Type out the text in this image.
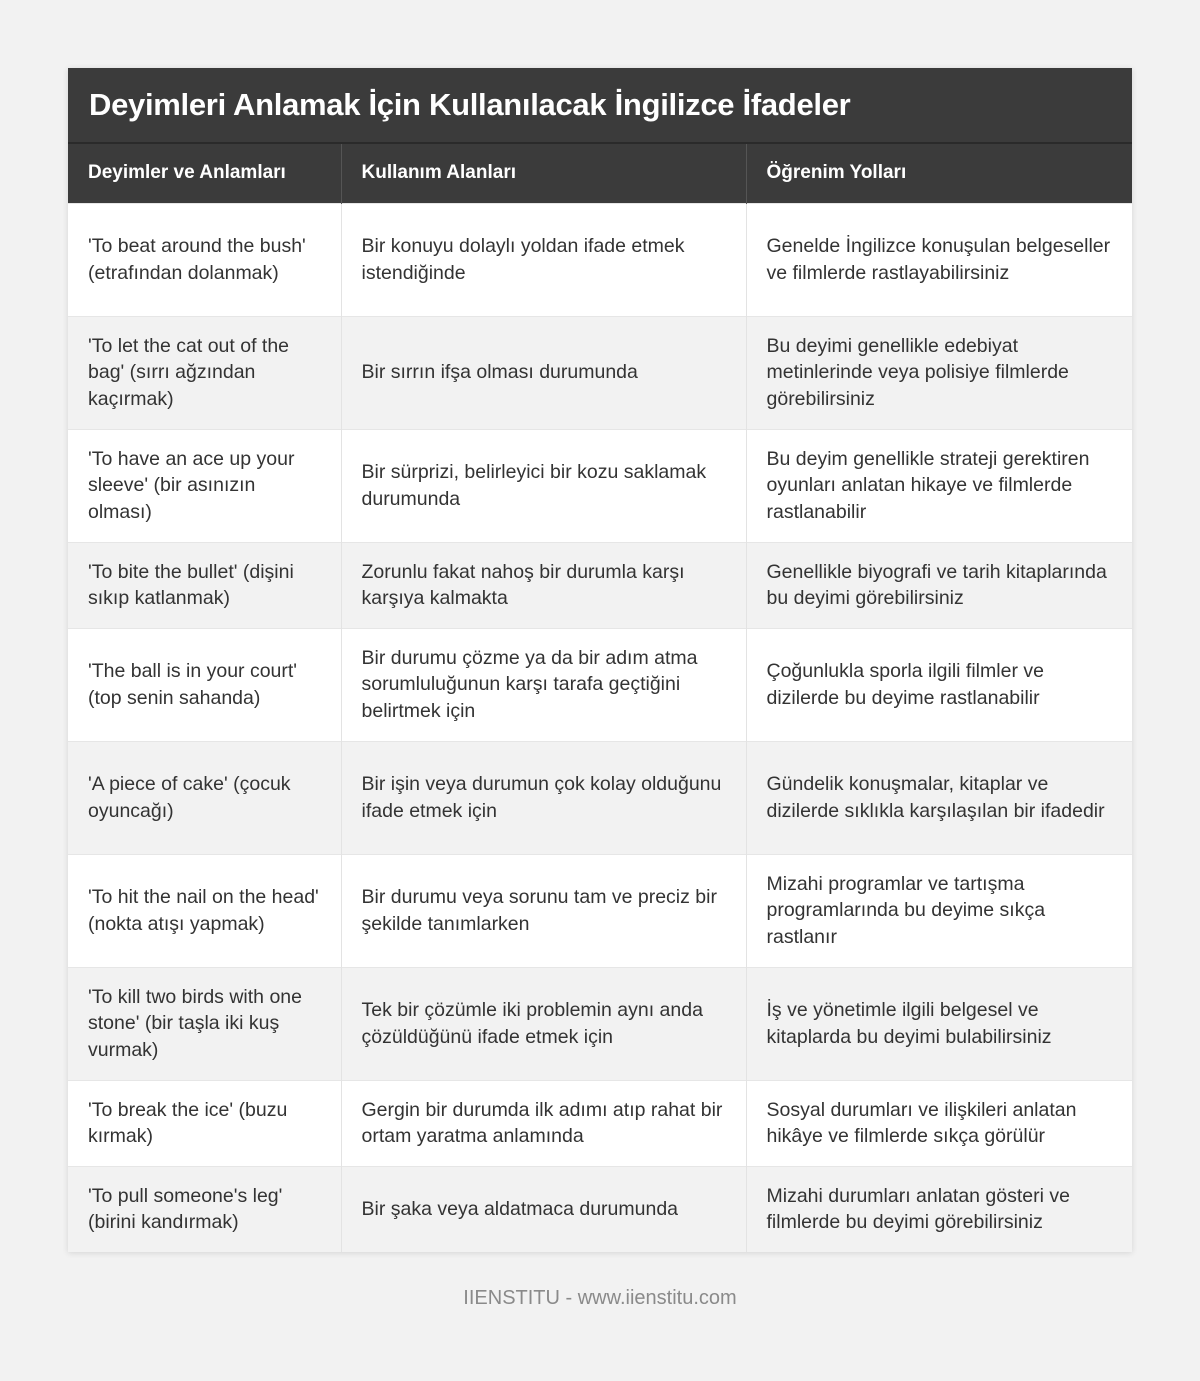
Deyimleri Anlamak İçin Kullanılacak İngilizce İfadeler
Deyimler ve Anlamları	Kullanım Alanları	Öğrenim Yolları
'To beat around the bush' (etrafından dolanmak)	Bir konuyu dolaylı yoldan ifade etmek istendiğinde	Genelde İngilizce konuşulan belgeseller ve filmlerde rastlayabilirsiniz
'To let the cat out of the bag' (sırrı ağzından kaçırmak)	Bir sırrın ifşa olması durumunda	Bu deyimi genellikle edebiyat metinlerinde veya polisiye filmlerde görebilirsiniz
'To have an ace up your sleeve' (bir asınızın olması)	Bir sürprizi, belirleyici bir kozu saklamak durumunda	Bu deyim genellikle strateji gerektiren oyunları anlatan hikaye ve filmlerde rastlanabilir
'To bite the bullet' (dişini sıkıp katlanmak)	Zorunlu fakat nahoş bir durumla karşı karşıya kalmakta	Genellikle biyografi ve tarih kitaplarında bu deyimi görebilirsiniz
'The ball is in your court' (top senin sahanda)	Bir durumu çözme ya da bir adım atma sorumluluğunun karşı tarafa geçtiğini belirtmek için	Çoğunlukla sporla ilgili filmler ve dizilerde bu deyime rastlanabilir
'A piece of cake' (çocuk oyuncağı)	Bir işin veya durumun çok kolay olduğunu ifade etmek için	Gündelik konuşmalar, kitaplar ve dizilerde sıklıkla karşılaşılan bir ifadedir
'To hit the nail on the head' (nokta atışı yapmak)	Bir durumu veya sorunu tam ve preciz bir şekilde tanımlarken	Mizahi programlar ve tartışma programlarında bu deyime sıkça rastlanır
'To kill two birds with one stone' (bir taşla iki kuş vurmak)	Tek bir çözümle iki problemin aynı anda çözüldüğünü ifade etmek için	İş ve yönetimle ilgili belgesel ve kitaplarda bu deyimi bulabilirsiniz
'To break the ice' (buzu kırmak)	Gergin bir durumda ilk adımı atıp rahat bir ortam yaratma anlamında	Sosyal durumları ve ilişkileri anlatan hikâye ve filmlerde sıkça görülür
'To pull someone's leg' (birini kandırmak)	Bir şaka veya aldatmaca durumunda	Mizahi durumları anlatan gösteri ve filmlerde bu deyimi görebilirsiniz
IIENSTITU - www.iienstitu.com
